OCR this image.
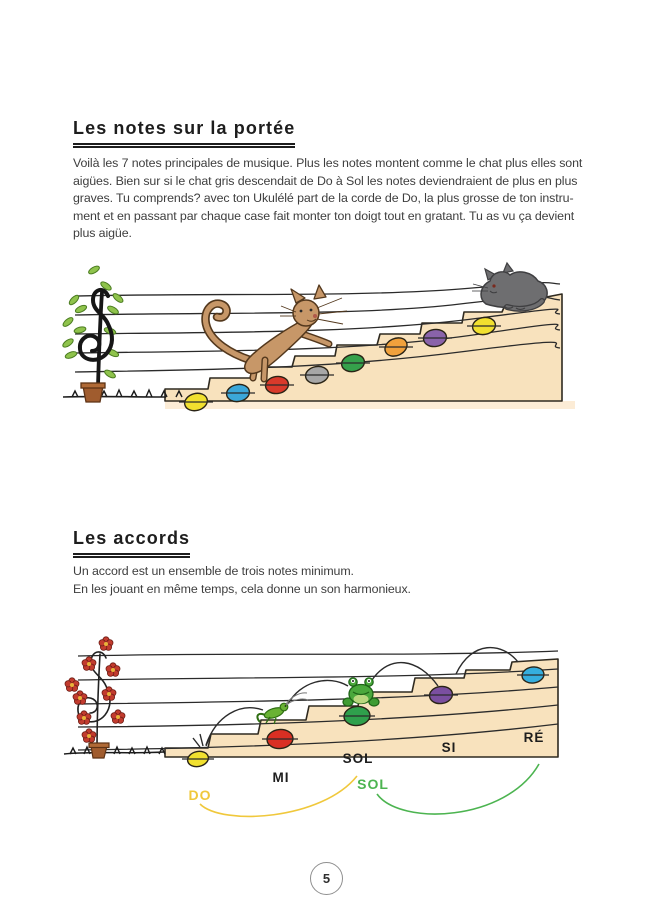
Les notes sur la portée
Voilà les 7 notes principales de musique. Plus les notes montent comme le chat plus elles sont
aigües. Bien sur si le chat gris descendait de Do à Sol les notes deviendraient de plus en plus
graves. Tu comprends? avec ton Ukulélé part de la corde de Do, la plus grosse de ton instru-
ment et en passant par chaque case fait monter ton doigt tout en gratant. Tu as vu ça devient
plus aigüe.
Les accords
Un accord est un ensemble de trois notes minimum.
En les jouant en même temps, cela donne un son harmonieux.
MI
SOL
SI
RÉ
DO
SOL
5
